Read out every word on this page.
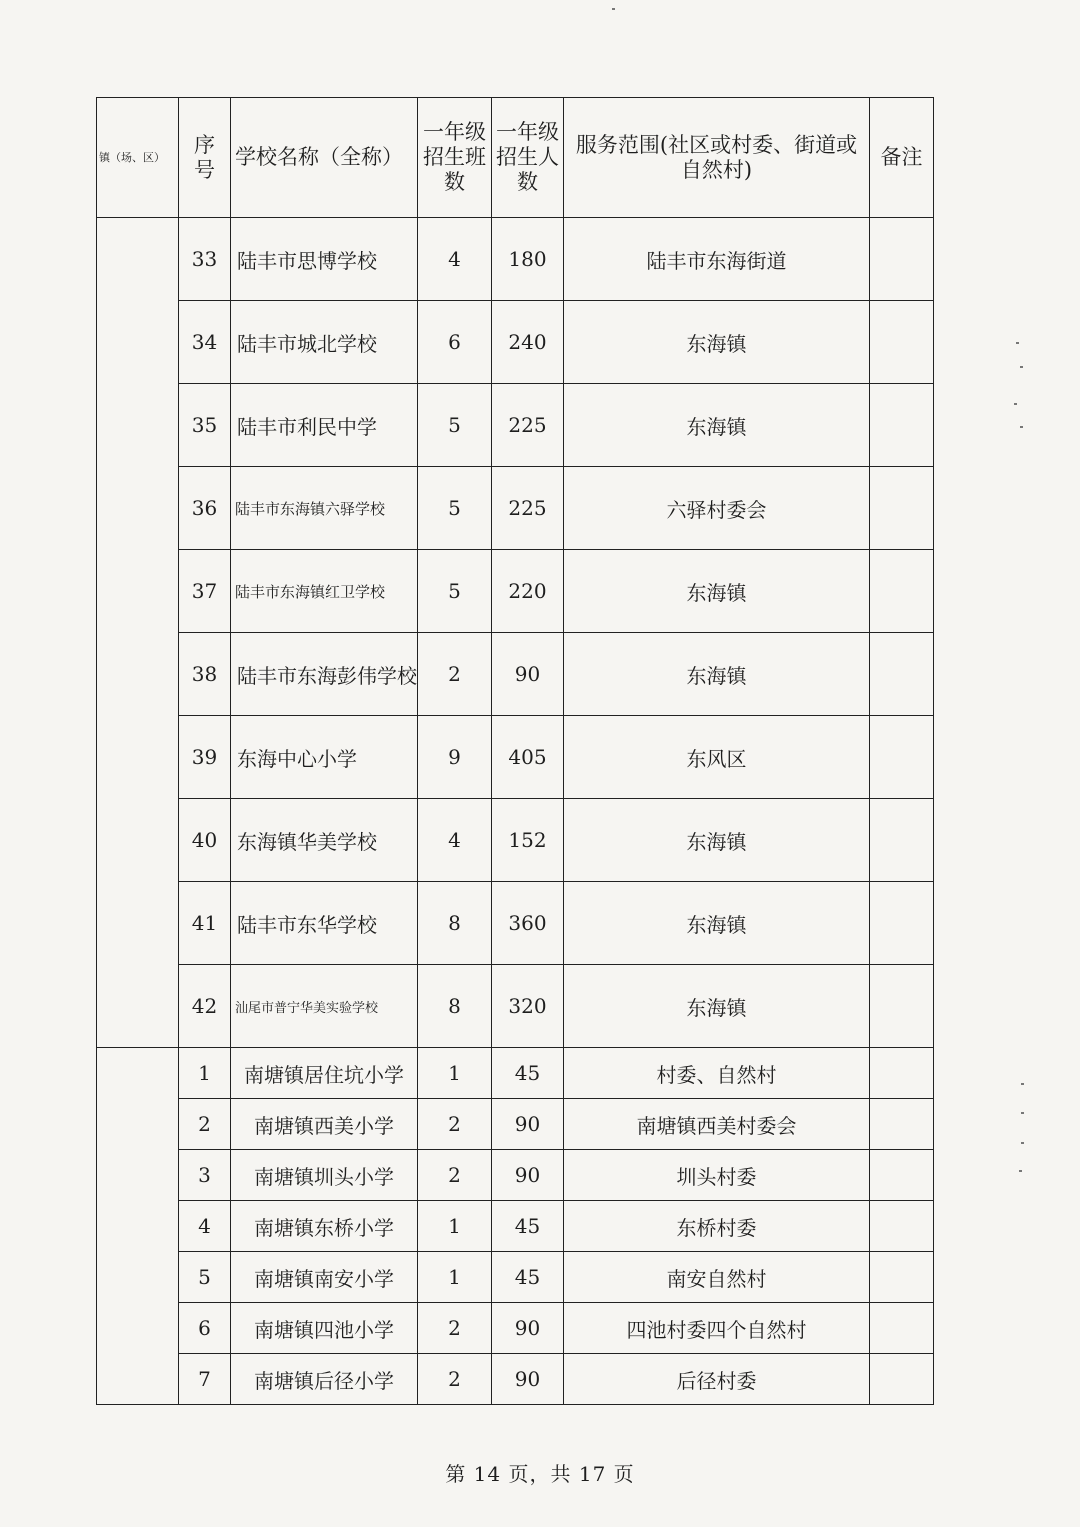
镇（场、区）	序号	学校名称（全称）	一年级招生班数	一年级招生人数	服务范围(社区或村委、街道或自然村)	备注
	33	陆丰市思博学校	4	180	陆丰市东海街道	
	34	陆丰市城北学校	6	240	东海镇	
	35	陆丰市利民中学	5	225	东海镇	
	36	陆丰市东海镇六驿学校	5	225	六驿村委会	
	37	陆丰市东海镇红卫学校	5	220	东海镇	
	38	陆丰市东海彭伟学校	2	90	东海镇	
	39	东海中心小学	9	405	东风区	
	40	东海镇华美学校	4	152	东海镇	
	41	陆丰市东华学校	8	360	东海镇	
	42	汕尾市普宁华美实验学校	8	320	东海镇	
	1	南塘镇居住坑小学	1	45	村委、自然村	
	2	南塘镇西美小学	2	90	南塘镇西美村委会	
	3	南塘镇圳头小学	2	90	圳头村委	
	4	南塘镇东桥小学	1	45	东桥村委	
	5	南塘镇南安小学	1	45	南安自然村	
	6	南塘镇四池小学	2	90	四池村委四个自然村	
	7	南塘镇后径小学	2	90	后径村委	
第 14 页，共 17 页
